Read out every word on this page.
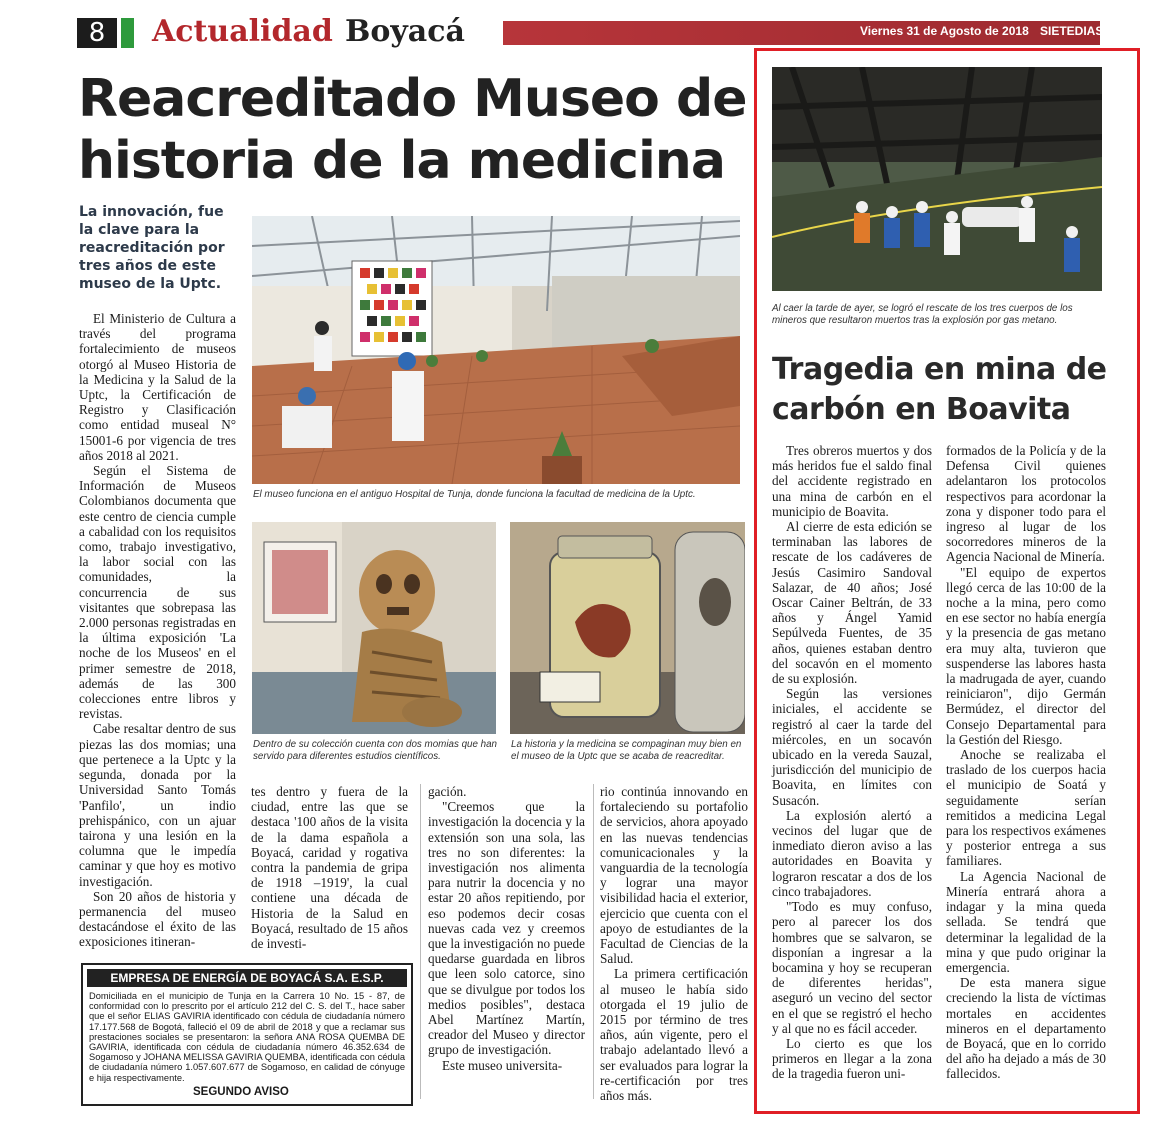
8	Actualidad Boyacá	Viernes 31 de Agosto de 2018 SIETEDIAS
Reacreditado Museo de historia de la medicina
La innovación, fue la clave para la reacreditación por tres años de este museo de la Uptc.
El museo funciona en el antiguo Hospital de Tunja, donde funciona la facultad de medicina de la Uptc.
Dentro de su colección cuenta con dos momias que han servido para diferentes estudios científicos.
La historia y la medicina se compaginan muy bien en el museo de la Uptc que se acaba de reacreditar.

El Ministerio de Cultura a través del programa fortalecimiento de museos otorgó al Museo Historia de la Medicina y la Salud de la Uptc, la Certificación de Registro y Clasificación como entidad museal N° 15001-6 por vigencia de tres años 2018 al 2021.

Según el Sistema de Información de Museos Colombianos documenta que este centro de ciencia cumple a cabalidad con los requisitos como, trabajo investigativo, la labor social con las comunidades, la concurrencia de sus visitantes que sobrepasa las 2.000 personas registradas en la última exposición 'La noche de los Museos' en el primer semestre de 2018, además de las 300 colecciones entre libros y revistas.

Cabe resaltar dentro de sus piezas las dos momias; una que pertenece a la Uptc y la segunda, donada por la Universidad Santo Tomás 'Panfilo', un indio prehispánico, con un ajuar tairona y una lesión en la columna que le impedía caminar y que hoy es motivo investigación.

Son 20 años de historia y permanencia del museo destacándose el éxito de las exposiciones itineran-

tes dentro y fuera de la ciudad, entre las que se destaca '100 años de la visita de la dama española a Boyacá, caridad y rogativa contra la pandemia de gripa de 1918 –1919', la cual contiene una década de Historia de la Salud en Boyacá, resultado de 15 años de investi-

gación.

"Creemos que la investigación la docencia y la extensión son una sola, las tres no son diferentes: la investigación nos alimenta para nutrir la docencia y no estar 20 años repitiendo, por eso podemos decir cosas nuevas cada vez y creemos que la investigación no puede quedarse guardada en libros que leen solo catorce, sino que se divulgue por todos los medios posibles", destaca Abel Martínez Martín, creador del Museo y director grupo de investigación.

Este museo universita-

rio continúa innovando en fortaleciendo su portafolio de servicios, ahora apoyado en las nuevas tendencias comunicacionales y la vanguardia de la tecnología y lograr una mayor visibilidad hacia el exterior, ejercicio que cuenta con el apoyo de estudiantes de la Facultad de Ciencias de la Salud.

La primera certificación al museo le había sido otorgada el 19 julio de 2015 por término de tres años, aún vigente, pero el trabajo adelantado llevó a ser evaluados para lograr la re-certificación por tres años más.

EMPRESA DE ENERGÍA DE BOYACÁ S.A. E.S.P.
Domiciliada en el municipio de Tunja en la Carrera 10 No. 15 - 87, de conformidad con lo prescrito por el artículo 212 del C. S. del T., hace saber que el señor ELIAS GAVIRIA identificado con cédula de ciudadanía número 17.177.568 de Bogotá, falleció el 09 de abril de 2018 y que a reclamar sus prestaciones sociales se presentaron: la señora ANA ROSA QUEMBA DE GAVIRIA, identificada con cédula de ciudadanía número 46.352.634 de Sogamoso y JOHANA MELISSA GAVIRIA QUEMBA, identificada con cédula de ciudadanía número 1.057.607.677 de Sogamoso, en calidad de cónyuge e hija respectivamente.
SEGUNDO AVISO
Al caer la tarde de ayer, se logró el rescate de los tres cuerpos de los mineros que resultaron muertos tras la explosión por gas metano.
Tragedia en mina de carbón en Boavita

Tres obreros muertos y dos más heridos fue el saldo final del accidente registrado en una mina de carbón en el municipio de Boavita.

Al cierre de esta edición se terminaban las labores de rescate de los cadáveres de Jesús Casimiro Sandoval Salazar, de 40 años; José Oscar Cainer Beltrán, de 33 años y Ángel Yamid Sepúlveda Fuentes, de 35 años, quienes estaban dentro del socavón en el momento de su explosión.

Según las versiones iniciales, el accidente se registró al caer la tarde del miércoles, en un socavón ubicado en la vereda Sauzal, jurisdicción del municipio de Boavita, en límites con Susacón.

La explosión alertó a vecinos del lugar que de inmediato dieron aviso a las autoridades en Boavita y lograron rescatar a dos de los cinco trabajadores.

"Todo es muy confuso, pero al parecer los dos hombres que se salvaron, se disponían a ingresar a la bocamina y hoy se recuperan de diferentes heridas", aseguró un vecino del sector en el que se registró el hecho y al que no es fácil acceder.

Lo cierto es que los primeros en llegar a la zona de la tragedia fueron uni-

formados de la Policía y de la Defensa Civil quienes adelantaron los protocolos respectivos para acordonar la zona y disponer todo para el ingreso al lugar de los socorredores mineros de la Agencia Nacional de Minería.

"El equipo de expertos llegó cerca de las 10:00 de la noche a la mina, pero como en ese sector no había energía y la presencia de gas metano era muy alta, tuvieron que suspenderse las labores hasta la madrugada de ayer, cuando reiniciaron", dijo Germán Bermúdez, el director del Consejo Departamental para la Gestión del Riesgo.

Anoche se realizaba el traslado de los cuerpos hacia el municipio de Soatá y seguidamente serían remitidos a medicina Legal para los respectivos exámenes y posterior entrega a sus familiares.

La Agencia Nacional de Minería entrará ahora a indagar y la mina queda sellada. Se tendrá que determinar la legalidad de la mina y que pudo originar la emergencia.

De esta manera sigue creciendo la lista de víctimas mortales en accidentes mineros en el departamento de Boyacá, que en lo corrido del año ha dejado a más de 30 fallecidos.
